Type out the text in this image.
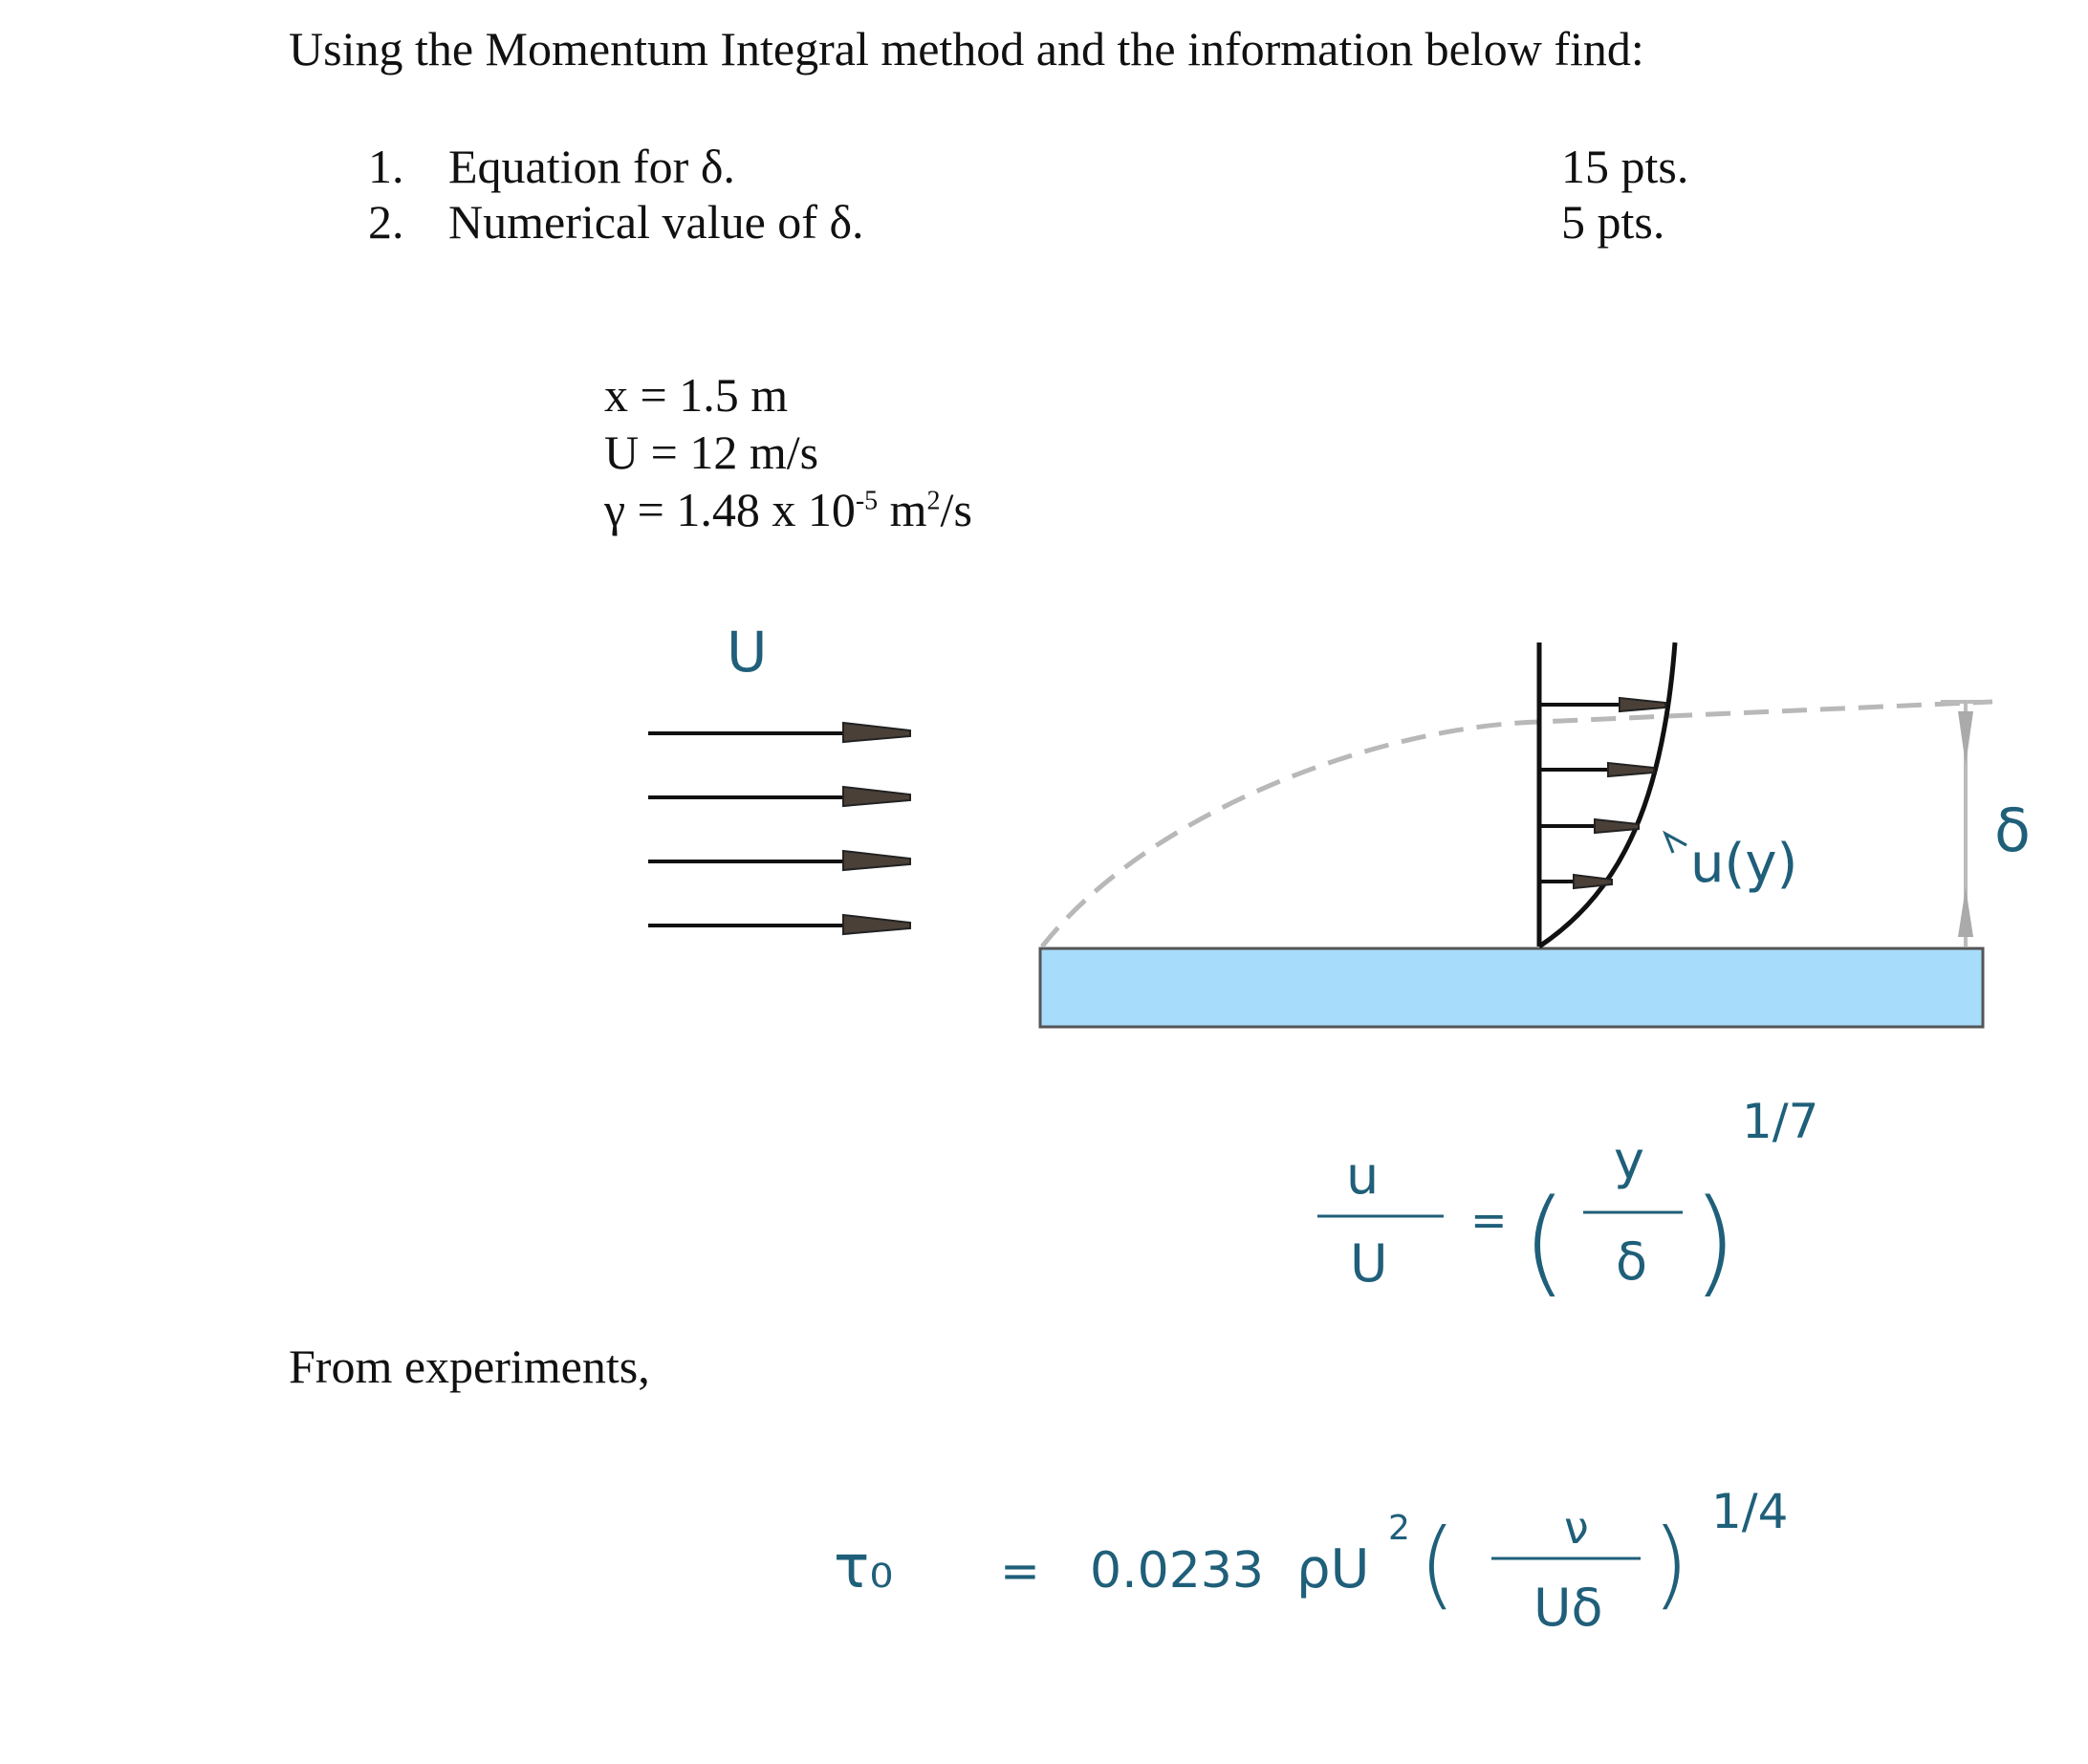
Using the Momentum Integral method and the information below find:
1. Equation for δ.	15 pts.
2. Numerical value of δ.	5 pts.
x = 1.5 m
U = 12 m/s
γ = 1.48 x $10^{-5}$ $m^2/s$
From experiments,
U
u(y)	δ
u
U
= (
y
δ )
1/7
τ₀ = 0.0233 ρU
2 ( ν
Uδ ) 1/4
